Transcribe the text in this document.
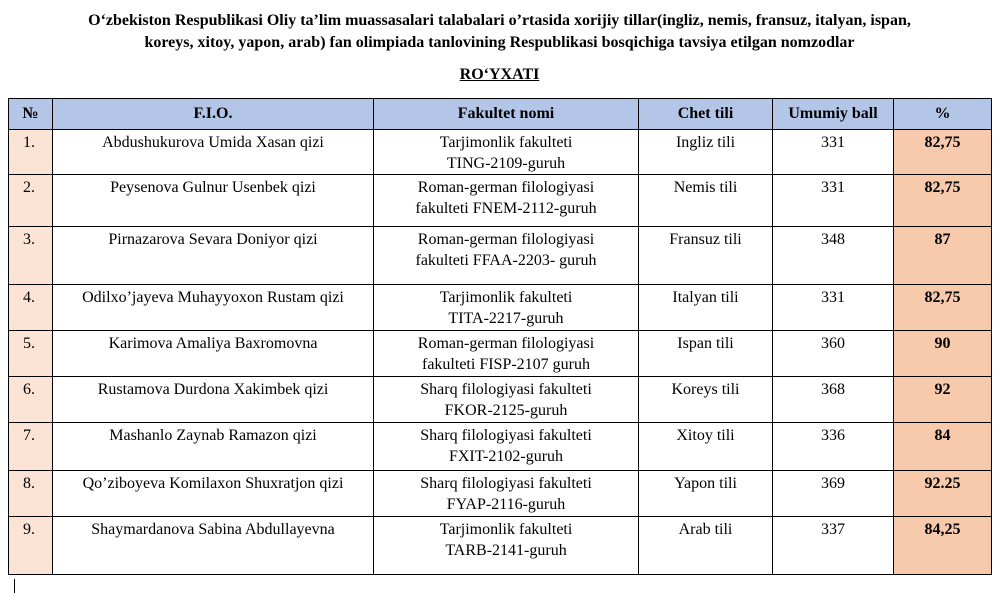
O‘zbekiston Respublikasi Oliy ta’lim muassasalari talabalari o’rtasida xorijiy tillar(ingliz, nemis, fransuz, italyan, ispan,
koreys, xitoy, yapon, arab) fan olimpiada tanlovining Respublikasi bosqichiga tavsiya etilgan nomzodlar
RO‘YXATI
№	F.I.O.	Fakultet nomi	Chet tili	Umumiy ball	%
1.	Abdushukurova Umida Xasan qizi	Tarjimonlik fakulteti
TING-2109-guruh	Ingliz tili	331	82,75
2.	Peysenova Gulnur Usenbek qizi	Roman-german filologiyasi
fakulteti FNEM-2112-guruh	Nemis tili	331	82,75
3.	Pirnazarova Sevara Doniyor qizi	Roman-german filologiyasi
fakulteti FFAA-2203- guruh	Fransuz tili	348	87
4.	Odilxo’jayeva Muhayyoxon Rustam qizi	Tarjimonlik fakulteti
TITA-2217-guruh	Italyan tili	331	82,75
5.	Karimova Amaliya Baxromovna	Roman-german filologiyasi
fakulteti FISP-2107 guruh	Ispan tili	360	90
6.	Rustamova Durdona Xakimbek qizi	Sharq filologiyasi fakulteti
FKOR-2125-guruh	Koreys tili	368	92
7.	Mashanlo Zaynab Ramazon qizi	Sharq filologiyasi fakulteti
FXIT-2102-guruh	Xitoy tili	336	84
8.	Qo’ziboyeva Komilaxon Shuxratjon qizi	Sharq filologiyasi fakulteti
FYAP-2116-guruh	Yapon tili	369	92.25
9.	Shaymardanova Sabina Abdullayevna	Tarjimonlik fakulteti
TARB-2141-guruh	Arab tili	337	84,25
